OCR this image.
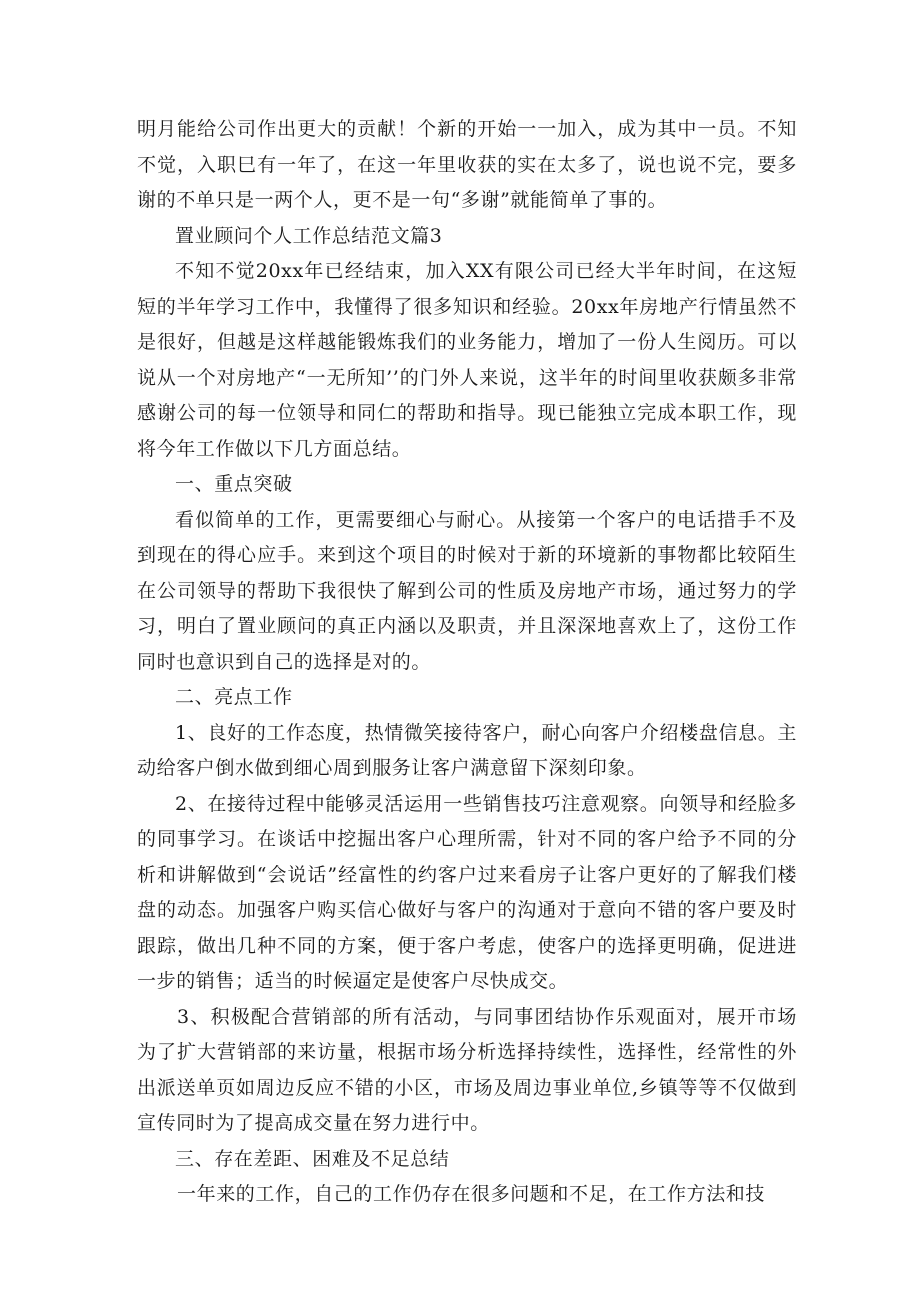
明月能给公司作出更大的贡献！个新的开始一一加入，成为其中一员。不知不觉，入职巳有一年了，在这一年里收获的实在太多了，说也说不完，要多谢的不单只是一两个人，更不是一句“多谢”就能简单了事的。

置业顾问个人工作总结范文篇3

不知不觉20xx年已经结束，加入XX有限公司已经大半年时间，在这短短的半年学习工作中，我懂得了很多知识和经验。20xx年房地产行情虽然不是很好，但越是这样越能锻炼我们的业务能力，增加了一份人生阅历。可以说从一个对房地产“一无所知’’的门外人来说，这半年的时间里收获颇多非常感谢公司的每一位领导和同仁的帮助和指导。现已能独立完成本职工作，现将今年工作做以下几方面总结。

一、重点突破

看似简单的工作，更需要细心与耐心。从接第一个客户的电话措手不及到现在的得心应手。来到这个项目的时候对于新的环境新的事物都比较陌生在公司领导的帮助下我很快了解到公司的性质及房地产市场，通过努力的学习，明白了置业顾问的真正内涵以及职责，并且深深地喜欢上了，这份工作同时也意识到自己的选择是对的。

二、亮点工作

1、良好的工作态度，热情微笑接待客户，耐心向客户介绍楼盘信息。主动给客户倒水做到细心周到服务让客户满意留下深刻印象。

2、在接待过程中能够灵活运用一些销售技巧注意观察。向领导和经脸多的同事学习。在谈话中挖掘出客户心理所需，针对不同的客户给予不同的分析和讲解做到“会说话”经富性的约客户过来看房子让客户更好的了解我们楼盘的动态。加强客户购买信心做好与客户的沟通对于意向不错的客户要及时跟踪，做出几种不同的方案，便于客户考虑，使客户的选择更明确，促进进一步的销售；适当的时候逼定是使客户尽快成交。

3、积极配合营销部的所有活动，与同事团结协作乐观面对，展开市场为了扩大营销部的来访量，根据市场分析选择持续性，选择性，经常性的外出派送单页如周边反应不错的小区，市场及周边事业单位,乡镇等等不仅做到宣传同时为了提高成交量在努力进行中。

三、存在差距、困难及不足总结

一年来的工作，自己的工作仍存在很多问题和不足，在工作方法和技
